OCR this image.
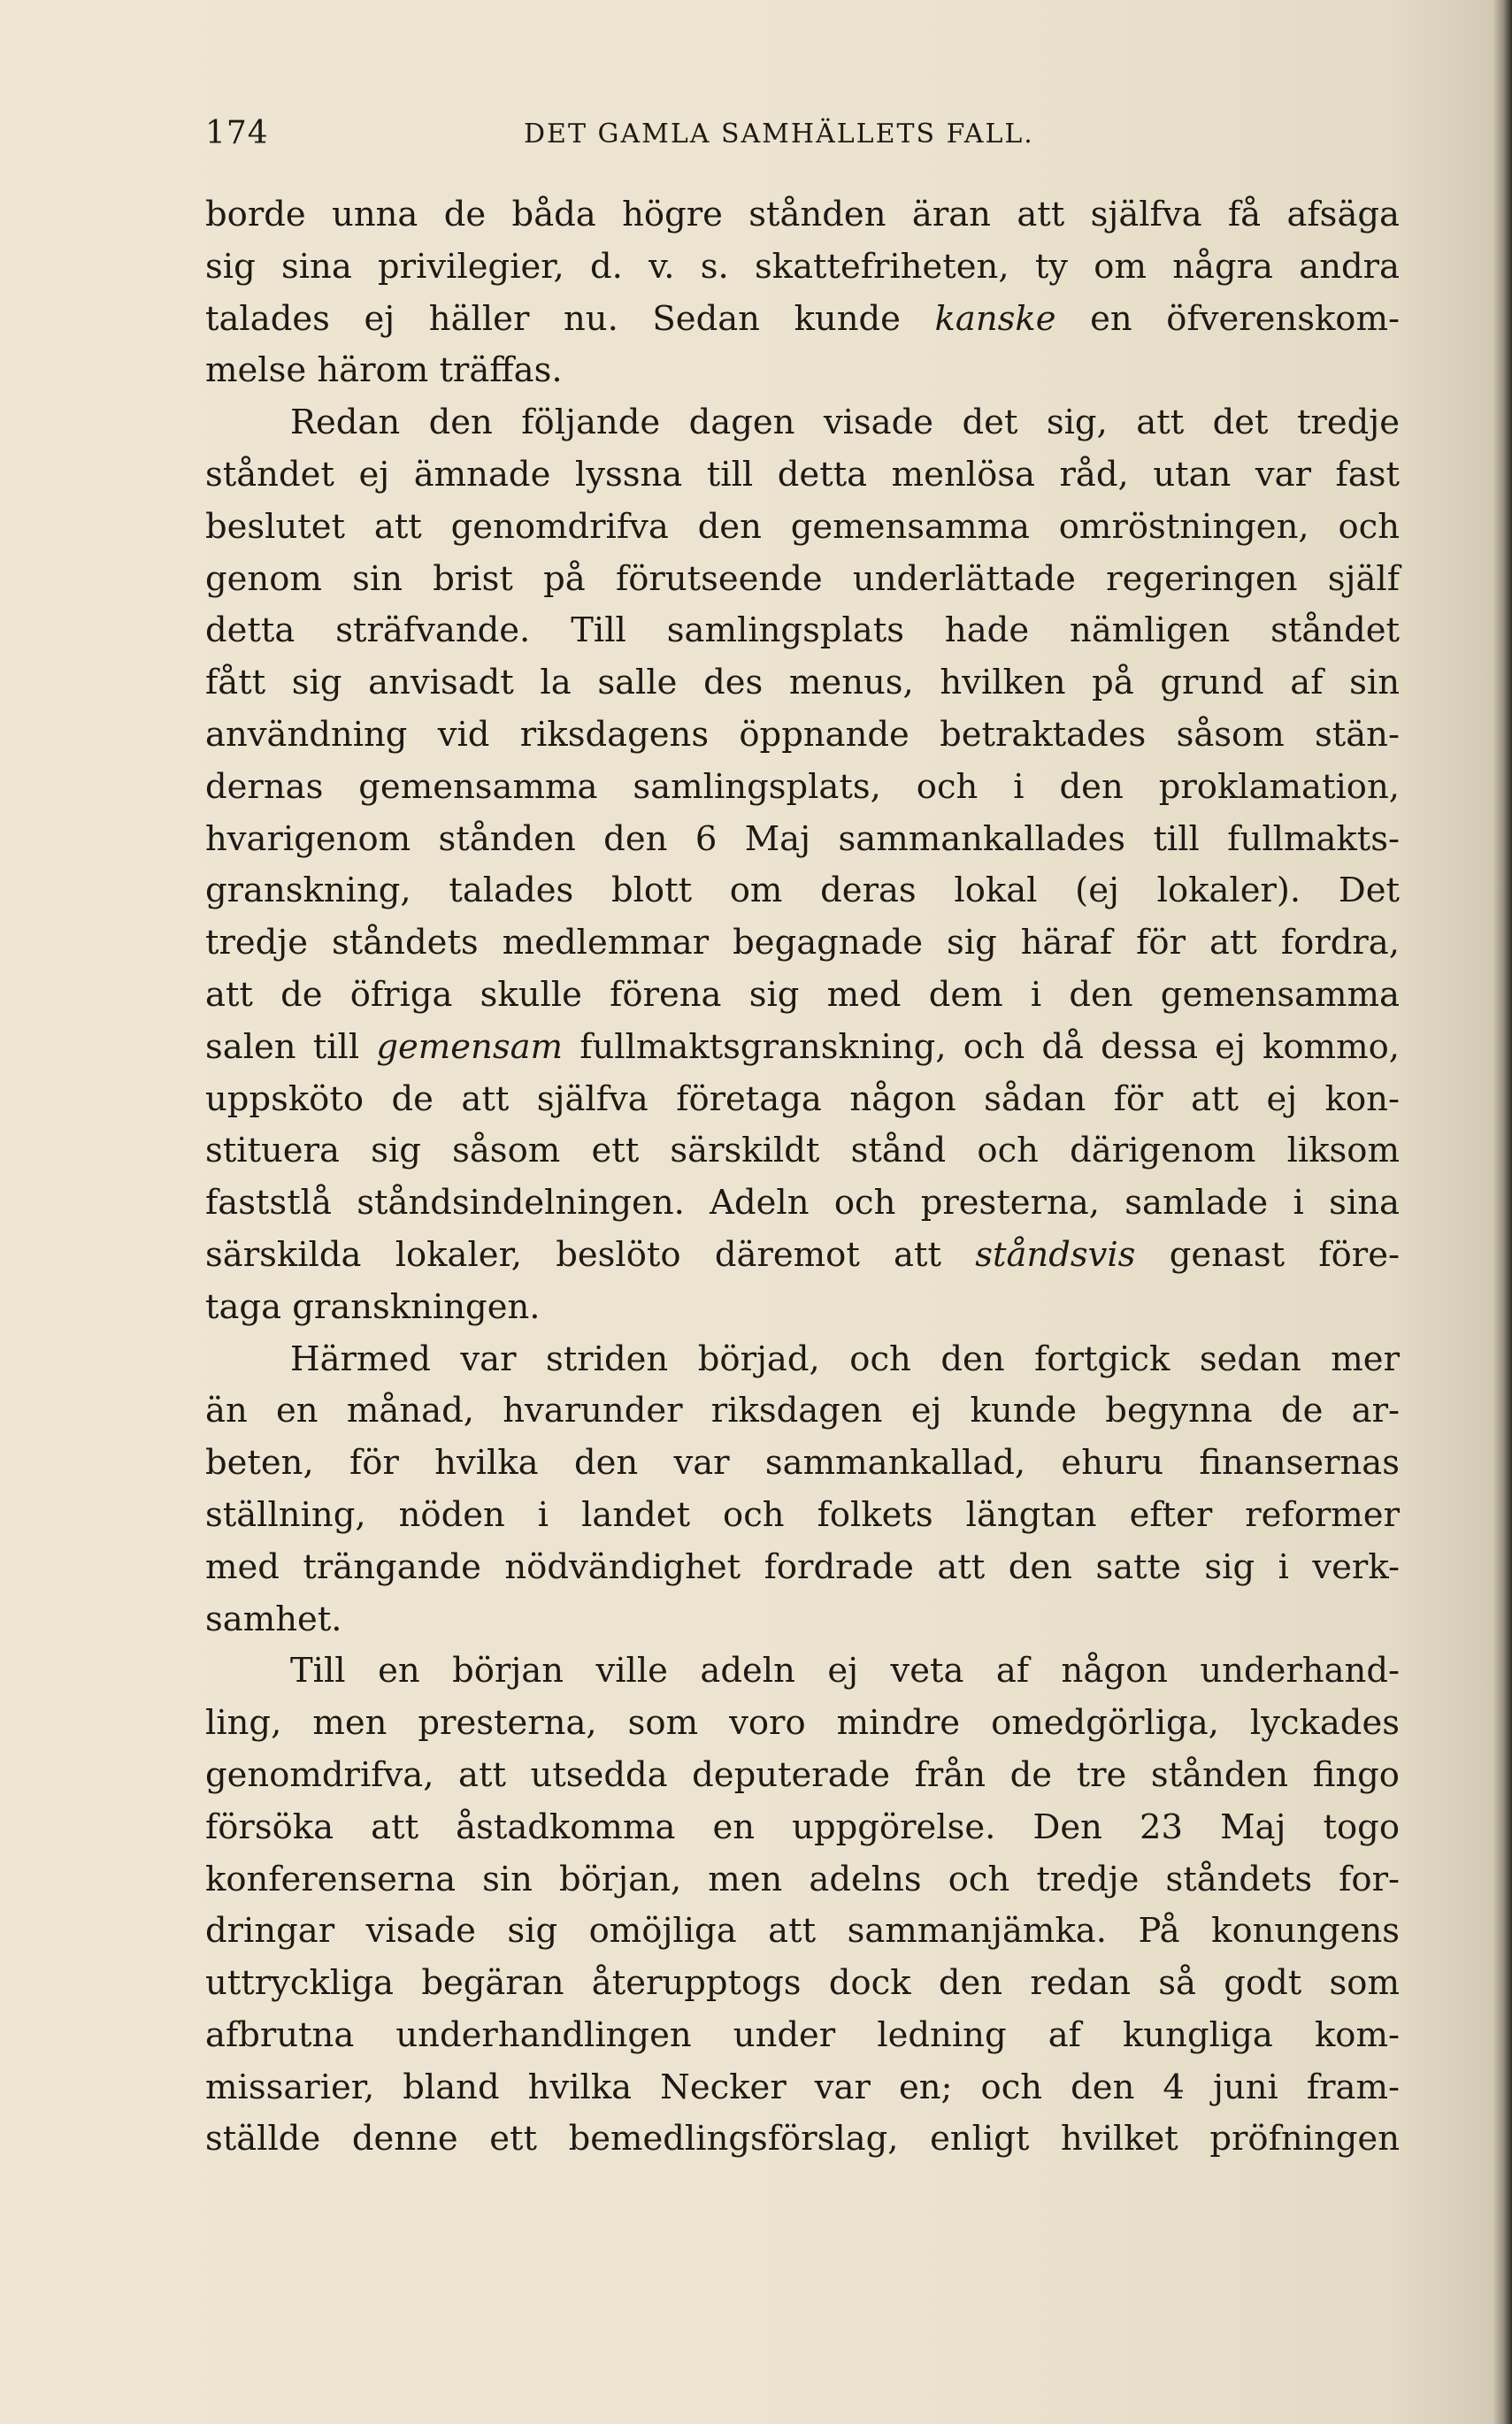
174	DET GAMLA SAMHÄLLETS FALL.
borde unna de båda högre stånden äran att själfva få afsäga
sig sina privilegier, d. v. s. skattefriheten, ty om några andra
talades ej häller nu. Sedan kunde kanske en öfverenskom-
melse härom träffas.
Redan den följande dagen visade det sig, att det tredje
ståndet ej ämnade lyssna till detta menlösa råd, utan var fast
beslutet att genomdrifva den gemensamma omröstningen, och
genom sin brist på förutseende underlättade regeringen själf
detta sträfvande. Till samlingsplats hade nämligen ståndet
fått sig anvisadt la salle des menus, hvilken på grund af sin
användning vid riksdagens öppnande betraktades såsom stän-
dernas gemensamma samlingsplats, och i den proklamation,
hvarigenom stånden den 6 Maj sammankallades till fullmakts-
granskning, talades blott om deras lokal (ej lokaler). Det
tredje ståndets medlemmar begagnade sig häraf för att fordra,
att de öfriga skulle förena sig med dem i den gemensamma
salen till gemensam fullmaktsgranskning, och då dessa ej kommo,
uppsköto de att själfva företaga någon sådan för att ej kon-
stituera sig såsom ett särskildt stånd och därigenom liksom
faststlå ståndsindelningen. Adeln och presterna, samlade i sina
särskilda lokaler, beslöto däremot att ståndsvis genast före-
taga granskningen.
Härmed var striden börjad, och den fortgick sedan mer
än en månad, hvarunder riksdagen ej kunde begynna de ar-
beten, för hvilka den var sammankallad, ehuru finansernas
ställning, nöden i landet och folkets längtan efter reformer
med trängande nödvändighet fordrade att den satte sig i verk-
samhet.
Till en början ville adeln ej veta af någon underhand-
ling, men presterna, som voro mindre omedgörliga, lyckades
genomdrifva, att utsedda deputerade från de tre stånden fingo
försöka att åstadkomma en uppgörelse. Den 23 Maj togo
konferenserna sin början, men adelns och tredje ståndets for-
dringar visade sig omöjliga att sammanjämka. På konungens
uttryckliga begäran återupptogs dock den redan så godt som
afbrutna underhandlingen under ledning af kungliga kom-
missarier, bland hvilka Necker var en; och den 4 juni fram-
ställde denne ett bemedlingsförslag, enligt hvilket pröfningen
